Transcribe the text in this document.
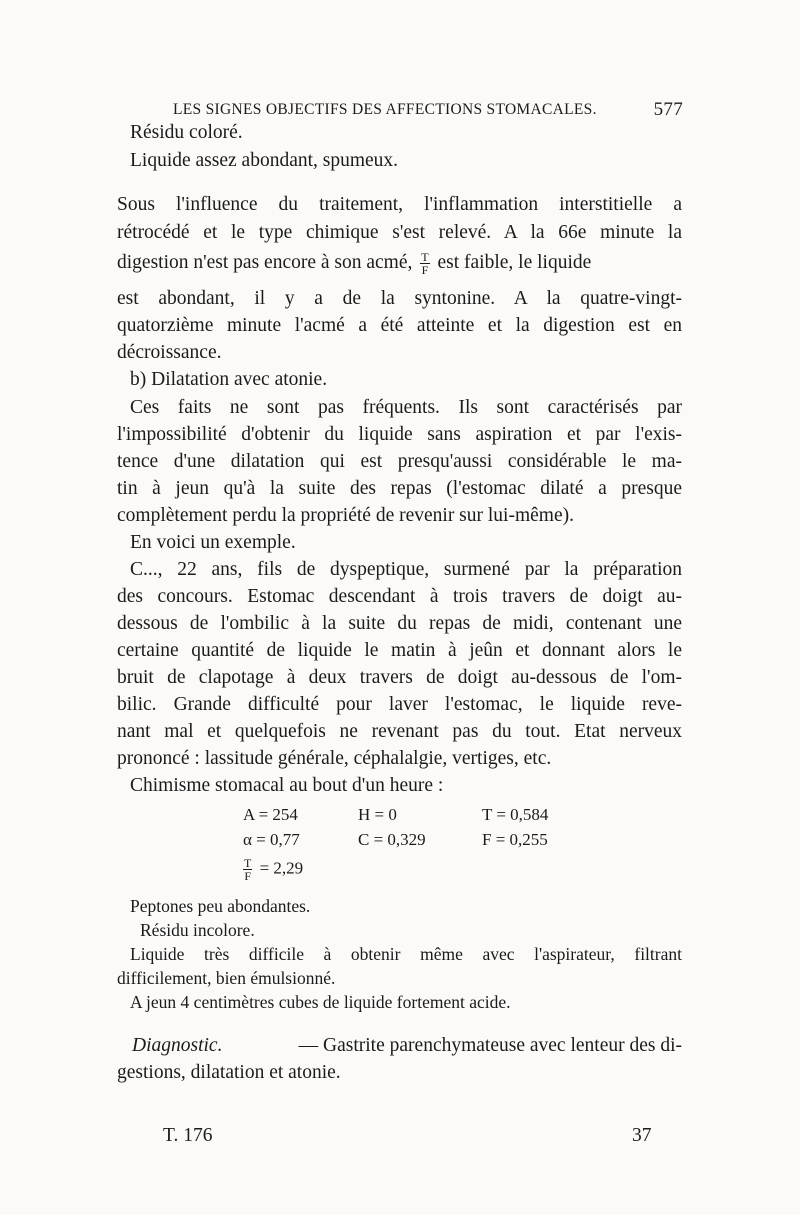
LES SIGNES OBJECTIFS DES AFFECTIONS STOMACALES.	577
Résidu coloré.
Liquide assez abondant, spumeux.
Sous l'influence du traitement, l'inflammation interstitielle a
rétrocédé et le type chimique s'est relevé. A la 66e minute la
digestion n'est pas encore à son acmé, $\frac{T}{F}$ est faible, le liquide
est abondant, il y a de la syntonine. A la quatre-vingt-
quatorzième minute l'acmé a été atteinte et la digestion est en
décroissance.
b) Dilatation avec atonie.
Ces faits ne sont pas fréquents. Ils sont caractérisés par
l'impossibilité d'obtenir du liquide sans aspiration et par l'exis-
tence d'une dilatation qui est presqu'aussi considérable le ma-
tin à jeun qu'à la suite des repas (l'estomac dilaté a presque
complètement perdu la propriété de revenir sur lui-même).
En voici un exemple.
C..., 22 ans, fils de dyspeptique, surmené par la préparation
des concours. Estomac descendant à trois travers de doigt au-
dessous de l'ombilic à la suite du repas de midi, contenant une
certaine quantité de liquide le matin à jeûn et donnant alors le
bruit de clapotage à deux travers de doigt au-dessous de l'om-
bilic. Grande difficulté pour laver l'estomac, le liquide reve-
nant mal et quelquefois ne revenant pas du tout. Etat nerveux
prononcé : lassitude générale, céphalalgie, vertiges, etc.
Chimisme stomacal au bout d'un heure :
A = 254	H = 0	T = 0,584
α = 0,77	C = 0,329	F = 0,255
$\frac{T}{F} = 2,29$
Peptones peu abondantes.
Résidu incolore.
Liquide très difficile à obtenir même avec l'aspirateur, filtrant
difficilement, bien émulsionné.
A jeun 4 centimètres cubes de liquide fortement acide.
Diagnostic.	— Gastrite parenchymateuse avec lenteur des di-
gestions, dilatation et atonie.
T. 176	37
